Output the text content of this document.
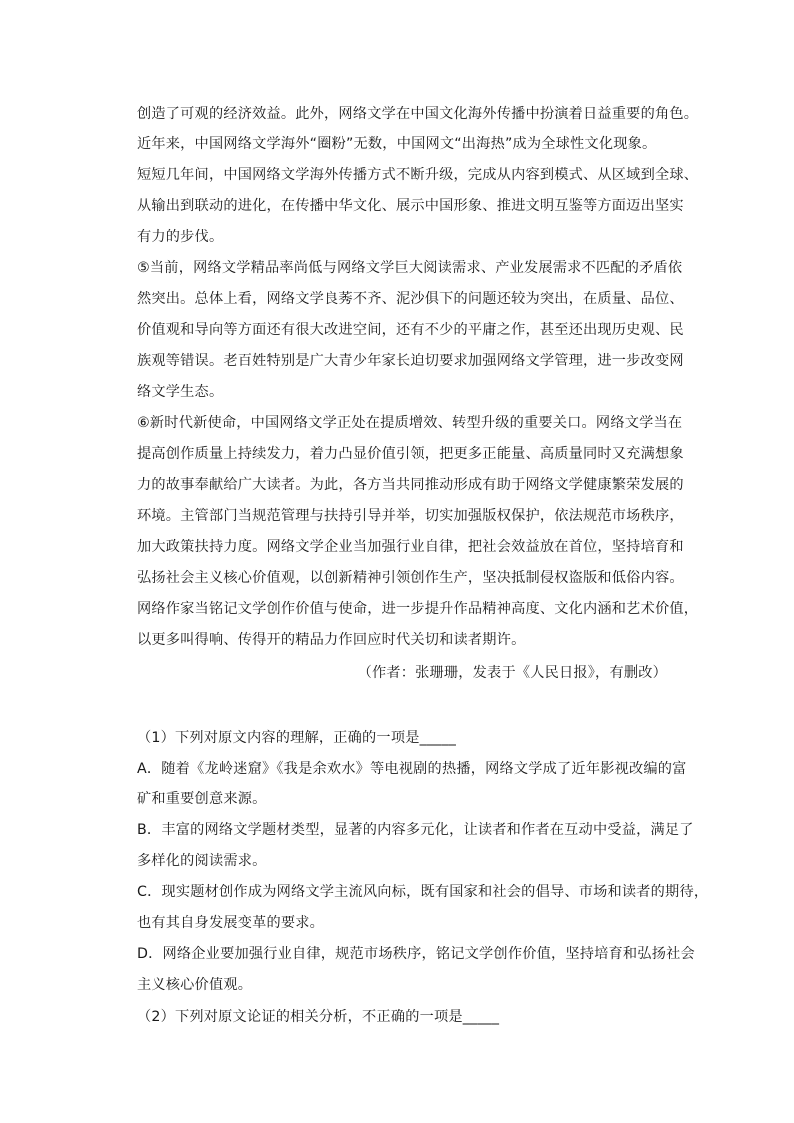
创造了可观的经济效益。此外，网络文学在中国文化海外传播中扮演着日益重要的角色。
近年来，中国网络文学海外“圈粉”无数，中国网文“出海热”成为全球性文化现象。
短短几年间，中国网络文学海外传播方式不断升级，完成从内容到模式、从区域到全球、
从输出到联动的进化，在传播中华文化、展示中国形象、推进文明互鉴等方面迈出坚实
有力的步伐。
⑤当前，网络文学精品率尚低与网络文学巨大阅读需求、产业发展需求不匹配的矛盾依
然突出。总体上看，网络文学良莠不齐、泥沙俱下的问题还较为突出，在质量、品位、
价值观和导向等方面还有很大改进空间，还有不少的平庸之作，甚至还出现历史观、民
族观等错误。老百姓特别是广大青少年家长迫切要求加强网络文学管理，进一步改变网
络文学生态。
⑥新时代新使命，中国网络文学正处在提质增效、转型升级的重要关口。网络文学当在
提高创作质量上持续发力，着力凸显价值引领，把更多正能量、高质量同时又充满想象
力的故事奉献给广大读者。为此，各方当共同推动形成有助于网络文学健康繁荣发展的
环境。主管部门当规范管理与扶持引导并举，切实加强版权保护，依法规范市场秩序，
加大政策扶持力度。网络文学企业当加强行业自律，把社会效益放在首位，坚持培育和
弘扬社会主义核心价值观，以创新精神引领创作生产，坚决抵制侵权盗版和低俗内容。
网络作家当铭记文学创作价值与使命，进一步提升作品精神高度、文化内涵和艺术价值，
以更多叫得响、传得开的精品力作回应时代关切和读者期许。
（作者：张珊珊，发表于《人民日报》，有删改）
（1）下列对原文内容的理解，正确的一项是_____
A．随着《龙岭迷窟》《我是余欢水》等电视剧的热播，网络文学成了近年影视改编的富
矿和重要创意来源。
B．丰富的网络文学题材类型，显著的内容多元化，让读者和作者在互动中受益，满足了
多样化的阅读需求。
C．现实题材创作成为网络文学主流风向标，既有国家和社会的倡导、市场和读者的期待，
也有其自身发展变革的要求。
D．网络企业要加强行业自律，规范市场秩序，铭记文学创作价值，坚持培育和弘扬社会
主义核心价值观。
（2）下列对原文论证的相关分析，不正确的一项是_____
